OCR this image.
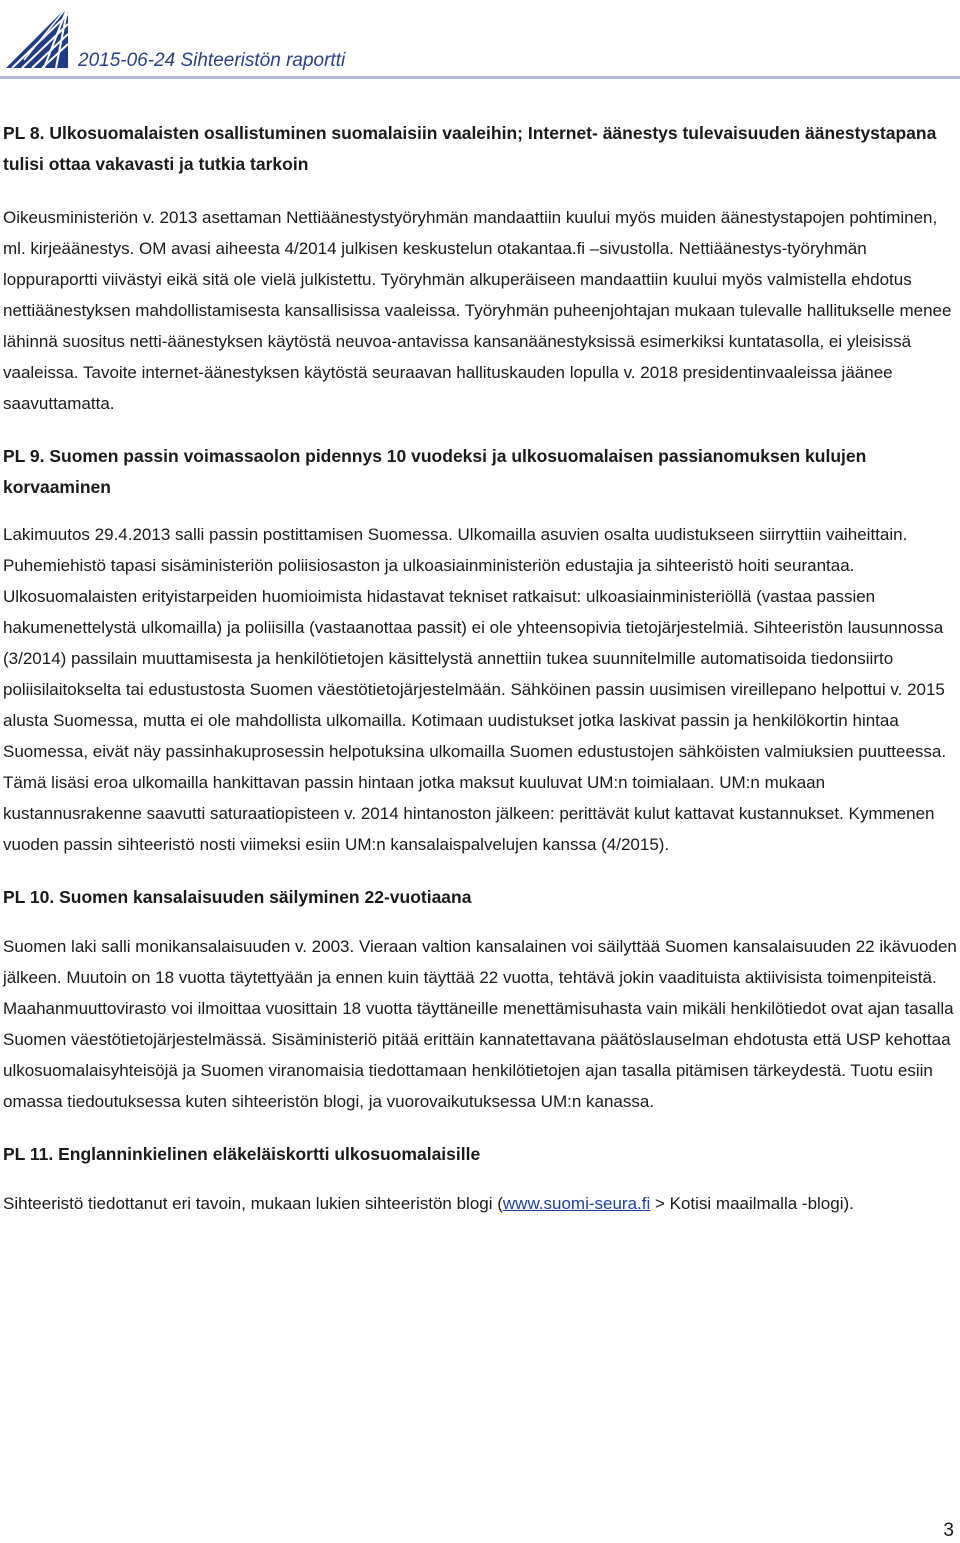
2015-06-24 Sihteeristön raportti

PL 8. Ulkosuomalaisten osallistuminen suomalaisiin vaaleihin; Internet- äänestys tulevaisuuden äänestystapana tulisi ottaa vakavasti ja tutkia tarkoin

Oikeusministeriön v. 2013 asettaman Nettiäänestystyöryhmän mandaattiin kuului myös muiden äänestystapojen pohtiminen, ml. kirjeäänestys. OM avasi aiheesta 4/2014 julkisen keskustelun otakantaa.fi –sivustolla. Nettiäänestys-työryhmän loppuraportti viivästyi eikä sitä ole vielä julkistettu. Työryhmän alkuperäiseen mandaattiin kuului myös valmistella ehdotus nettiäänestyksen mahdollistamisesta kansallisissa vaaleissa. Työryhmän puheenjohtajan mukaan tulevalle hallitukselle menee lähinnä suositus netti-äänestyksen käytöstä neuvoa-antavissa kansanäänestyksissä esimerkiksi kuntatasolla, ei yleisissä vaaleissa. Tavoite internet-äänestyksen käytöstä seuraavan hallituskauden lopulla v. 2018 presidentinvaaleissa jäänee saavuttamatta.

PL 9. Suomen passin voimassaolon pidennys 10 vuodeksi ja ulkosuomalaisen passianomuksen kulujen korvaaminen

Lakimuutos 29.4.2013 salli passin postittamisen Suomessa. Ulkomailla asuvien osalta uudistukseen siirryttiin vaiheittain. Puhemiehistö tapasi sisäministeriön poliisiosaston ja ulkoasiainministeriön edustajia ja sihteeristö hoiti seurantaa. Ulkosuomalaisten erityistarpeiden huomioimista hidastavat tekniset ratkaisut: ulkoasiainministeriöllä (vastaa passien hakumenettelystä ulkomailla) ja poliisilla (vastaanottaa passit) ei ole yhteensopivia tietojärjestelmiä. Sihteeristön lausunnossa (3/2014) passilain muuttamisesta ja henkilötietojen käsittelystä annettiin tukea suunnitelmille automatisoida tiedonsiirto poliisilaitokselta tai edustustosta Suomen väestötietojärjestelmään. Sähköinen passin uusimisen vireillepano helpottui v. 2015 alusta Suomessa, mutta ei ole mahdollista ulkomailla. Kotimaan uudistukset jotka laskivat passin ja henkilökortin hintaa Suomessa, eivät näy passinhakuprosessin helpotuksina ulkomailla Suomen edustustojen sähköisten valmiuksien puutteessa. Tämä lisäsi eroa ulkomailla hankittavan passin hintaan jotka maksut kuuluvat UM:n toimialaan. UM:n mukaan kustannusrakenne saavutti saturaatiopisteen v. 2014 hintanoston jälkeen: perittävät kulut kattavat kustannukset. Kymmenen vuoden passin sihteeristö nosti viimeksi esiin UM:n kansalaispalvelujen kanssa (4/2015).

PL 10. Suomen kansalaisuuden säilyminen 22-vuotiaana

Suomen laki salli monikansalaisuuden v. 2003. Vieraan valtion kansalainen voi säilyttää Suomen kansalaisuuden 22 ikävuoden jälkeen. Muutoin on 18 vuotta täytettyään ja ennen kuin täyttää 22 vuotta, tehtävä jokin vaadituista aktiivisista toimenpiteistä. Maahanmuuttovirasto voi ilmoittaa vuosittain 18 vuotta täyttäneille menettämisuhasta vain mikäli henkilötiedot ovat ajan tasalla Suomen väestötietojärjestelmässä. Sisäministeriö pitää erittäin kannatettavana päätöslauselman ehdotusta että USP kehottaa ulkosuomalaisyhteisöjä ja Suomen viranomaisia tiedottamaan henkilötietojen ajan tasalla pitämisen tärkeydestä. Tuotu esiin omassa tiedoutuksessa kuten sihteeristön blogi, ja vuorovaikutuksessa UM:n kanassa.

PL 11. Englanninkielinen eläkeläiskortti ulkosuomalaisille

Sihteeristö tiedottanut eri tavoin, mukaan lukien sihteeristön blogi (www.suomi-seura.fi > Kotisi maailmalla -blogi).

3
